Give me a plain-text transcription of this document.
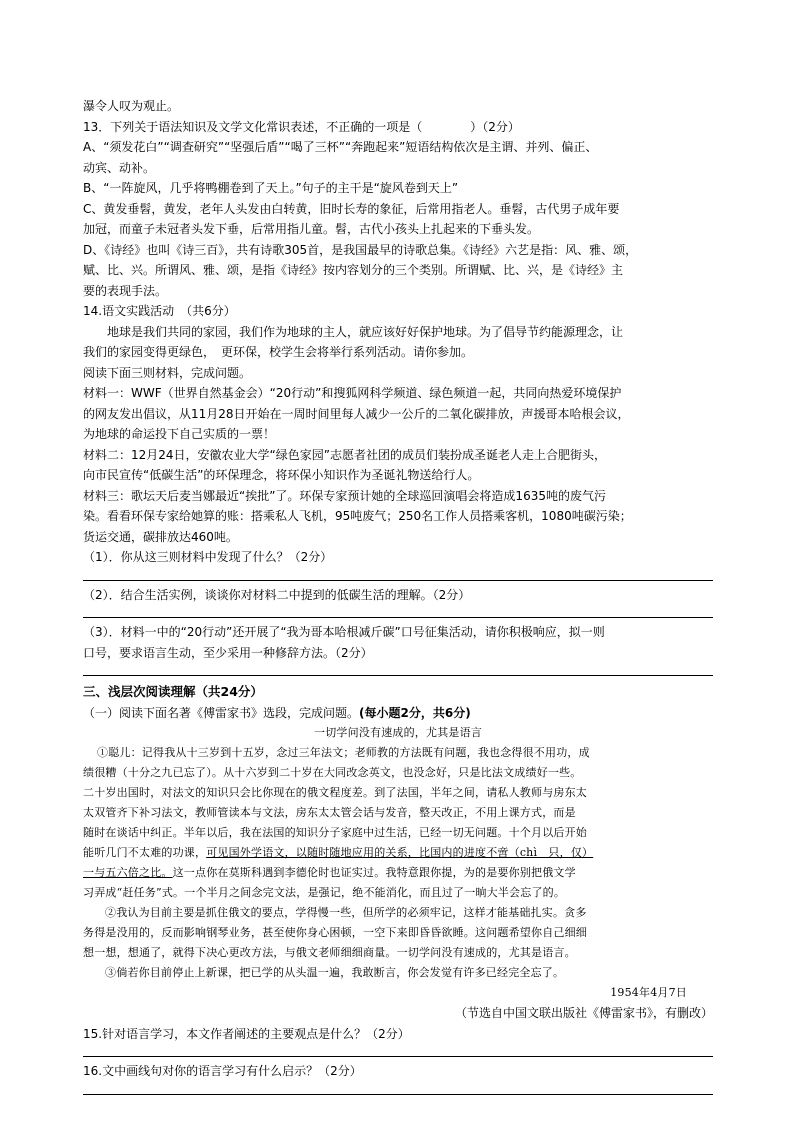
瀑令人叹为观止。
13．下列关于语法知识及文学文化常识表述，不正确的一项是（　　　　）（2分）
A、“须发花白”“调查研究”“坚强后盾”“喝了三杯”“奔跑起来”短语结构依次是主谓、并列、偏正、
动宾、动补。
B、“一阵旋风，几乎将鸭棚卷到了天上。”句子的主干是“旋风卷到天上”
C、黄发垂髫，黄发，老年人头发由白转黄，旧时长寿的象征，后常用指老人。垂髫，古代男子成年要
加冠，而童子未冠者头发下垂，后常用指儿童。髫，古代小孩头上扎起来的下垂头发。
D、《诗经》也叫《诗三百》，共有诗歌305首，是我国最早的诗歌总集。《诗经》六艺是指：风、雅、颂，
赋、比、兴。所谓风、雅、颂，是指《诗经》按内容划分的三个类别。所谓赋、比、兴，是《诗经》主
要的表现手法。
14.语文实践活动　（共6分）
地球是我们共同的家园，我们作为地球的主人，就应该好好保护地球。为了倡导节约能源理念，让
我们的家园变得更绿色，　更环保，校学生会将举行系列活动。请你参加。
阅读下面三则材料，完成问题。
材料一：WWF（世界自然基金会）“20行动”和搜狐网科学频道、绿色频道一起，共同向热爱环境保护
的网友发出倡议，从11月28日开始在一周时间里每人减少一公斤的二氧化碳排放，声援哥本哈根会议，
为地球的命运投下自己实质的一票！
材料二：12月24日，安徽农业大学“绿色家园”志愿者社团的成员们装扮成圣诞老人走上合肥街头，
向市民宣传“低碳生活”的环保理念，将环保小知识作为圣诞礼物送给行人。
材料三：歌坛天后麦当娜最近“挨批”了。环保专家预计她的全球巡回演唱会将造成1635吨的废气污
染。看看环保专家给她算的账：搭乘私人飞机，95吨废气；250名工作人员搭乘客机，1080吨碳污染；
货运交通，碳排放达460吨。
（1）．你从这三则材料中发现了什么？（2分）
（2）．结合生活实例，谈谈你对材料二中提到的低碳生活的理解。（2分）
（3）．材料一中的“20行动”还开展了“我为哥本哈根减斤碳”口号征集活动，请你积极响应，拟一则
口号，要求语言生动，至少采用一种修辞方法。（2分）
三、浅层次阅读理解（共24分）
（一）阅读下面名著《傅雷家书》选段，完成问题。(每小题2分，共6分)
一切学问没有速成的，尤其是语言
①聪儿：记得我从十三岁到十五岁，念过三年法文；老师教的方法既有问题，我也念得很不用功，成
绩很糟（十分之九已忘了）。从十六岁到二十岁在大同改念英文，也没念好，只是比法文成绩好一些。
二十岁出国时，对法文的知识只会比你现在的俄文程度差。到了法国，半年之间，请私人教师与房东太
太双管齐下补习法文，教师管读本与文法，房东太太管会话与发音，整天改正，不用上课方式，而是
随时在谈话中纠正。半年以后，我在法国的知识分子家庭中过生活，已经一切无问题。十个月以后开始
能听几门不太难的功课，可见国外学语文，以随时随地应用的关系，比国内的进度不啻（chì　只，仅）
一与五六倍之比。这一点你在莫斯科遇到李德伦时也证实过。我特意跟你提，为的是要你别把俄文学
习弄成“赶任务”式。一个半月之间念完文法，是强记，绝不能消化，而且过了一晌大半会忘了的。
②我认为目前主要是抓住俄文的要点，学得慢一些，但所学的必须牢记，这样才能基础扎实。贪多
务得是没用的，反而影响钢琴业务，甚至使你身心困顿，一空下来即昏昏欲睡。这问题希望你自己细细
想一想，想通了，就得下决心更改方法，与俄文老师细细商量。一切学问没有速成的，尤其是语言。
③倘若你目前停止上新课，把已学的从头温一遍，我敢断言，你会发觉有许多已经完全忘了。
1954年4月7日
（节选自中国文联出版社《傅雷家书》，有删改）
15.针对语言学习，本文作者阐述的主要观点是什么？（2分）
16.文中画线句对你的语言学习有什么启示？（2分）
